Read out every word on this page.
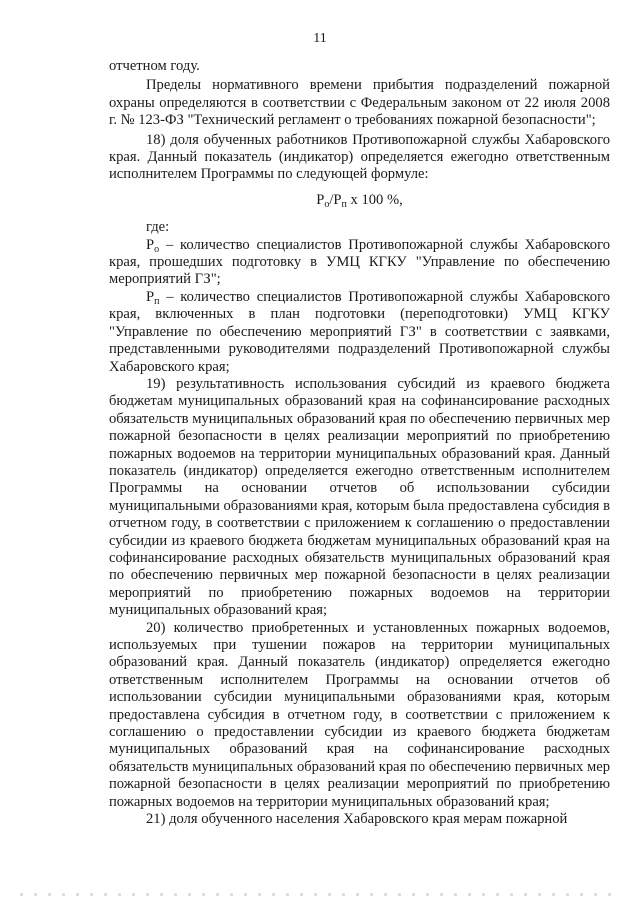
11

отчетном году.

Пределы нормативного времени прибытия подразделений пожарной охраны определяются в соответствии с Федеральным законом от 22 июля 2008 г. № 123-ФЗ "Технический регламент о требованиях пожарной безопасности";

18) доля обученных работников Противопожарной службы Хабаровского края. Данный показатель (индикатор) определяется ежегодно ответственным исполнителем Программы по следующей формуле:

$P_o/P_п$ х 100 %,

где:

$P_o$ – количество специалистов Противопожарной службы Хабаровского края, прошедших подготовку в УМЦ КГКУ "Управление по обеспечению мероприятий ГЗ";

$P_п$ – количество специалистов Противопожарной службы Хабаровского края, включенных в план подготовки (переподготовки) УМЦ КГКУ "Управление по обеспечению мероприятий ГЗ" в соответствии с заявками, представленными руководителями подразделений Противопожарной службы Хабаровского края;

19) результативность использования субсидий из краевого бюджета бюджетам муниципальных образований края на софинансирование расходных обязательств муниципальных образований края по обеспечению первичных мер пожарной безопасности в целях реализации мероприятий по приобретению пожарных водоемов на территории муниципальных образований края. Данный показатель (индикатор) определяется ежегодно ответственным исполнителем Программы на основании отчетов об использовании субсидии муниципальными образованиями края, которым была предоставлена субсидия в отчетном году, в соответствии с приложением к соглашению о предоставлении субсидии из краевого бюджета бюджетам муниципальных образований края на софинансирование расходных обязательств муниципальных образований края по обеспечению первичных мер пожарной безопасности в целях реализации мероприятий по приобретению пожарных водоемов на территории муниципальных образований края;

20) количество приобретенных и установленных пожарных водоемов, используемых при тушении пожаров на территории муниципальных образований края. Данный показатель (индикатор) определяется ежегодно ответственным исполнителем Программы на основании отчетов об использовании субсидии муниципальными образованиями края, которым предоставлена субсидия в отчетном году, в соответствии с приложением к соглашению о предоставлении субсидии из краевого бюджета бюджетам муниципальных образований края на софинансирование расходных обязательств муниципальных образований края по обеспечению первичных мер пожарной безопасности в целях реализации мероприятий по приобретению пожарных водоемов на территории муниципальных образований края;

21) доля обученного населения Хабаровского края мерам пожарной
